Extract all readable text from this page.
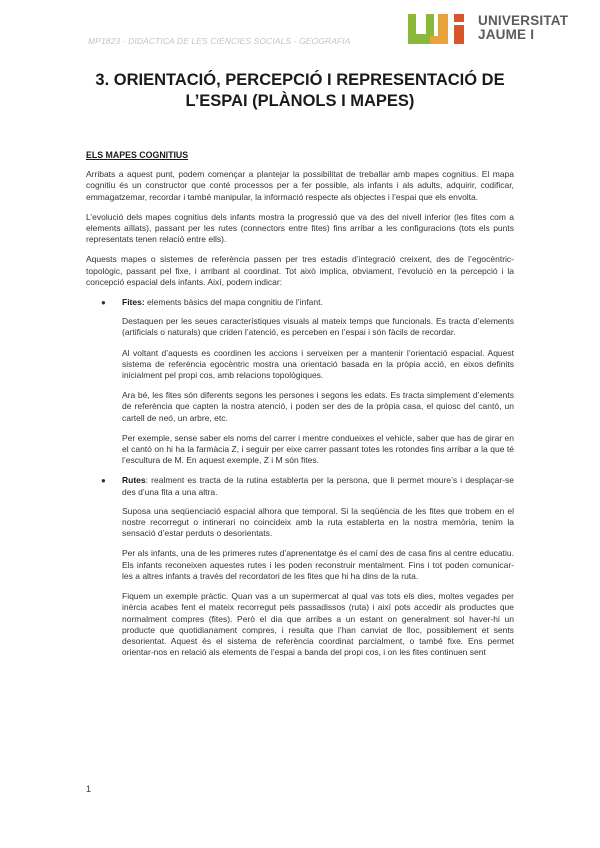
MP1823 - DIDÀCTICA DE LES CIÈNCIES SOCIALS - GEOGRAFIA
UNIVERSITAT
JAUME I
3. ORIENTACIÓ, PERCEPCIÓ I REPRESENTACIÓ DE
L’ESPAI (PLÀNOLS I MAPES)
ELS MAPES COGNITIUS

Arribats a aquest punt, podem començar a plantejar la possibilitat de treballar amb mapes cognitius. El mapa cognitiu és un constructor que conté processos per a fer possible, als infants i als adults, adquirir, codificar, emmagatzemar, recordar i també manipular, la informació respecte als objectes i l’espai que els envolta.

L’evolució dels mapes cognitius dels infants mostra la progressió que va des del nivell inferior (les fites com a elements aïllats), passant per les rutes (connectors entre fites) fins arribar a les configuracions (tots els punts representats tenen relació entre ells).

Aquests mapes o sistemes de referència passen per tres estadis d’integració creixent, des de l’egocèntric-topològic, passant pel fixe, i arribant al coordinat. Tot això implica, obviament, l’evolució en la percepció i la concepció espacial dels infants. Així, podem indicar:

● Fites: elements bàsics del mapa congnitiu de l’infant.

Destaquen per les seues característiques visuals al mateix temps que funcionals. Es tracta d’elements (artificials o naturals) que criden l’atenció, es perceben en l’espai i són fàcils de recordar.

Al voltant d’aquests es coordinen les accions i serveixen per a mantenir l’orientació espacial. Aquest sistema de referència egocèntric mostra una orientació basada en la pròpia acció, en eixos definits inicialment pel propi cos, amb relacions topològiques.

Ara bé, les fites són diferents segons les persones i segons les edats. Es tracta simplement d’elements de referència que capten la nostra atenció, i poden ser des de la pròpia casa, el quiosc del cantó, un cartell de neó, un arbre, etc.

Per exemple, sense saber els noms del carrer i mentre condueixes el vehicle, saber que has de girar en el cantó on hi ha la farmàcia Z, i seguir per eixe carrer passant totes les rotondes fins arribar a la que té l’escultura de M. En aquest exemple, Z i M són fites.

● Rutes: realment es tracta de la rutina establerta per la persona, que li permet moure’s i desplaçar-se des d’una fita a una altra.

Suposa una seqüenciació espacial alhora que temporal. Si la seqüència de les fites que trobem en el nostre recorregut o intinerari no coincideix amb la ruta establerta en la nostra memòria, tenim la sensació d’estar perduts o desorientats.

Per als infants, una de les primeres rutes d’aprenentatge és el camí des de casa fins al centre educatiu. Els infants reconeixen aquestes rutes i les poden reconstruir mentalment. Fins i tot poden comunicar-les a altres infants a través del recordatori de les fites que hi ha dins de la ruta.

Fiquem un exemple pràctic. Quan vas a un supermercat al qual vas tots els dies, moltes vegades per inèrcia acabes fent el mateix recorregut pels passadissos (ruta) i així pots accedir als productes que normalment compres (fites). Però el dia que arribes a un estant on generalment sol haver-hi un producte que quotidianament compres, i resulta que l’han canviat de lloc, possiblement et sents desorientat. Aquest és el sistema de referència coordinat parcialment, o també fixe. Ens permet orientar-nos en relació als elements de l’espai a banda del propi cos, i on les fites continuen sent

1
